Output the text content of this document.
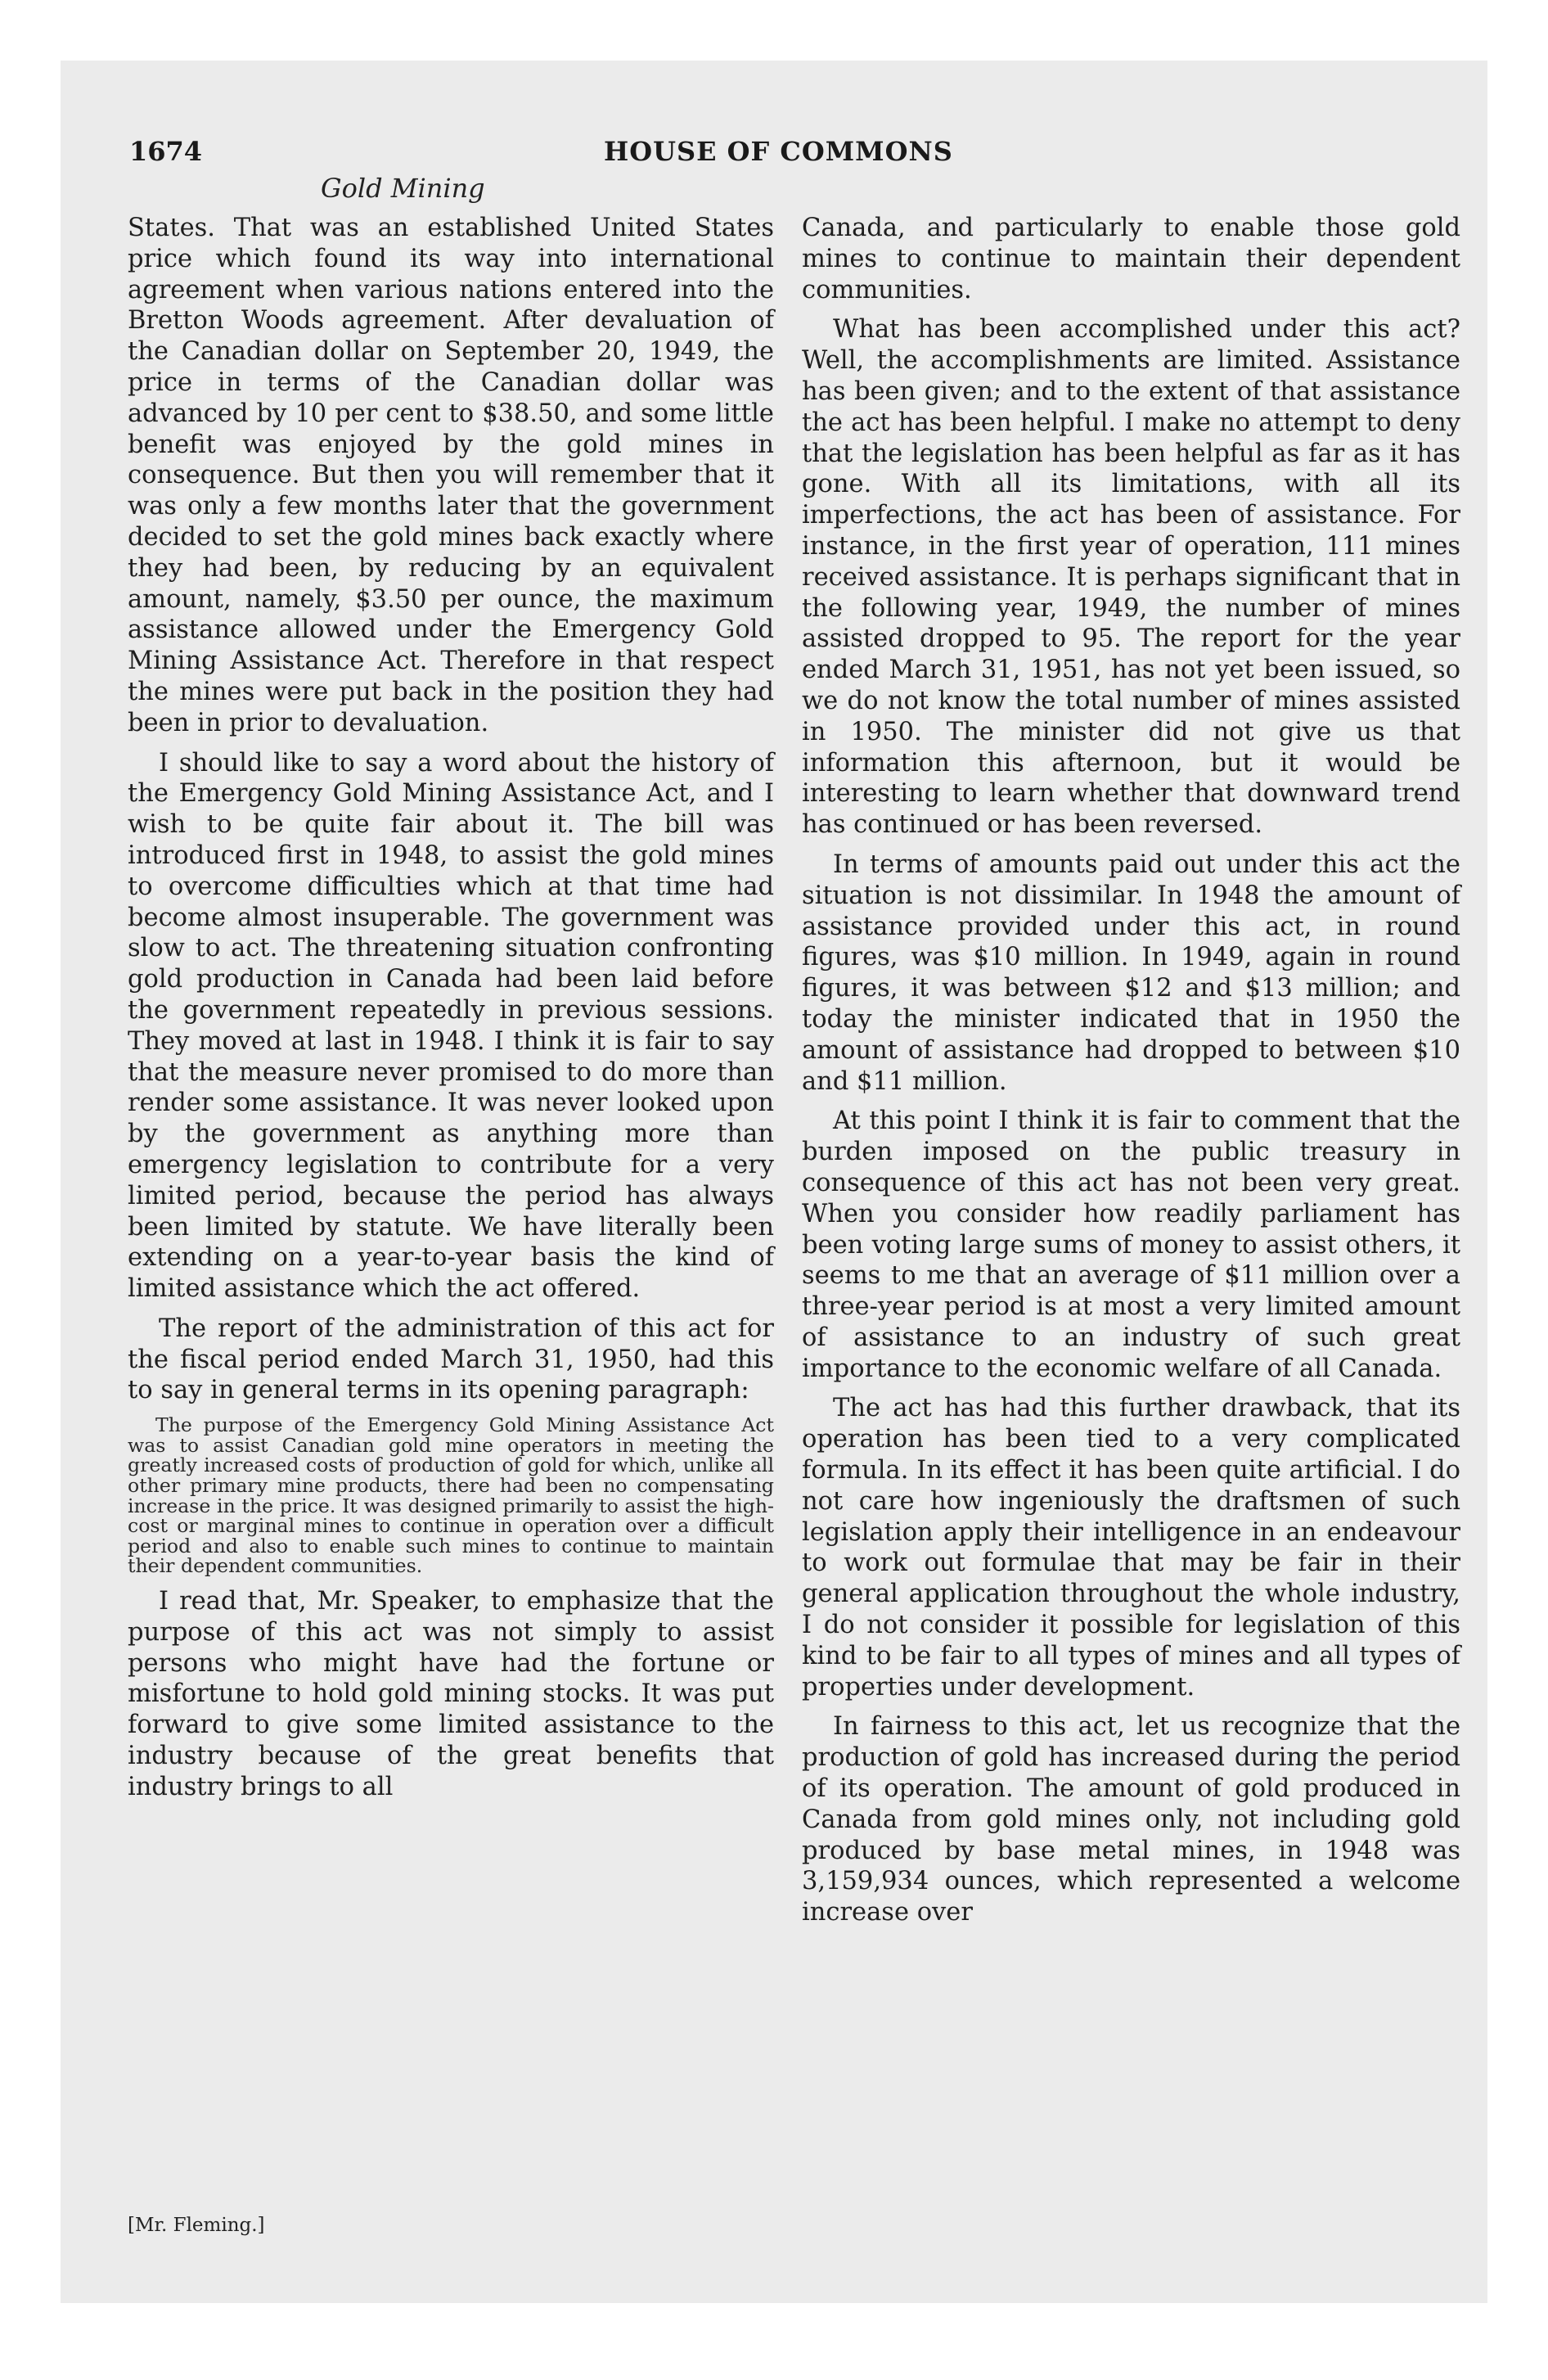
1674	HOUSE OF COMMONS
Gold Mining

States. That was an established United States price which found its way into international agreement when various nations entered into the Bretton Woods agreement. After devaluation of the Canadian dollar on September 20, 1949, the price in terms of the Canadian dollar was advanced by 10 per cent to $38.50, and some little benefit was enjoyed by the gold mines in consequence. But then you will remember that it was only a few months later that the government decided to set the gold mines back exactly where they had been, by reducing by an equivalent amount, namely, $3.50 per ounce, the maximum assistance allowed under the Emergency Gold Mining Assistance Act. Therefore in that respect the mines were put back in the position they had been in prior to devaluation.

I should like to say a word about the history of the Emergency Gold Mining Assistance Act, and I wish to be quite fair about it. The bill was introduced first in 1948, to assist the gold mines to overcome difficulties which at that time had become almost insuperable. The government was slow to act. The threatening situation confronting gold production in Canada had been laid before the government repeatedly in previous sessions. They moved at last in 1948. I think it is fair to say that the measure never promised to do more than render some assistance. It was never looked upon by the government as anything more than emergency legislation to contribute for a very limited period, because the period has always been limited by statute. We have literally been extending on a year-to-year basis the kind of limited assistance which the act offered.

The report of the administration of this act for the fiscal period ended March 31, 1950, had this to say in general terms in its opening paragraph:

The purpose of the Emergency Gold Mining Assistance Act was to assist Canadian gold mine operators in meeting the greatly increased costs of production of gold for which, unlike all other primary mine products, there had been no compensating increase in the price. It was designed primarily to assist the high-cost or marginal mines to continue in operation over a difficult period and also to enable such mines to continue to maintain their dependent communities.

I read that, Mr. Speaker, to emphasize that the purpose of this act was not simply to assist persons who might have had the fortune or misfortune to hold gold mining stocks. It was put forward to give some limited assistance to the industry because of the great benefits that industry brings to all

Canada, and particularly to enable those gold mines to continue to maintain their dependent communities.

What has been accomplished under this act? Well, the accomplishments are limited. Assistance has been given; and to the extent of that assistance the act has been helpful. I make no attempt to deny that the legislation has been helpful as far as it has gone. With all its limitations, with all its imperfections, the act has been of assistance. For instance, in the first year of operation, 111 mines received assistance. It is perhaps significant that in the following year, 1949, the number of mines assisted dropped to 95. The report for the year ended March 31, 1951, has not yet been issued, so we do not know the total number of mines assisted in 1950. The minister did not give us that information this afternoon, but it would be interesting to learn whether that downward trend has continued or has been reversed.

In terms of amounts paid out under this act the situation is not dissimilar. In 1948 the amount of assistance provided under this act, in round figures, was $10 million. In 1949, again in round figures, it was between $12 and $13 million; and today the minister indicated that in 1950 the amount of assistance had dropped to between $10 and $11 million.

At this point I think it is fair to comment that the burden imposed on the public treasury in consequence of this act has not been very great. When you consider how readily parliament has been voting large sums of money to assist others, it seems to me that an average of $11 million over a three-year period is at most a very limited amount of assistance to an industry of such great importance to the economic welfare of all Canada.

The act has had this further drawback, that its operation has been tied to a very complicated formula. In its effect it has been quite artificial. I do not care how ingeniously the draftsmen of such legislation apply their intelligence in an endeavour to work out formulae that may be fair in their general application throughout the whole industry, I do not consider it possible for legislation of this kind to be fair to all types of mines and all types of properties under development.

In fairness to this act, let us recognize that the production of gold has increased during the period of its operation. The amount of gold produced in Canada from gold mines only, not including gold produced by base metal mines, in 1948 was 3,159,934 ounces, which represented a welcome increase over

[Mr. Fleming.]
